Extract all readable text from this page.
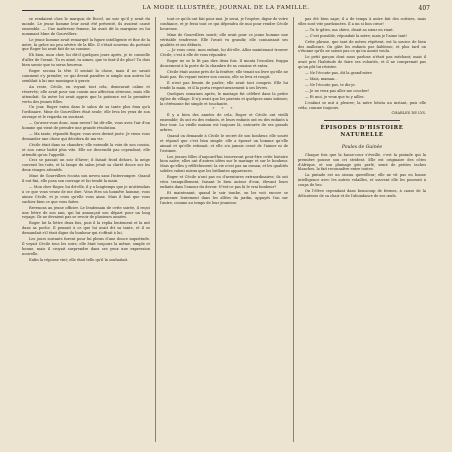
LA MODE ILLUSTRÉE, JOURNAL DE LA FAMILLE.	407

se rendaient chez le marquis de Rocel, un soir qu'il y avait du monde. Le jeune homme leur avait été présenté, ils avaient causé ensemble. — Une maîtresse femme, lui avait dit la marquise en lui nommant Mme de Gourvillers.

Le jeune homme avait remarqué la figure intelligente et fine de la mère, la grâce un peu sévère de la fille. Il s'était souvenu du portrait que Roger lui avait fait de sa cousine.

Eh bien, mon cher, lui dit-il quelques jours après, je te conseille d'aller de l'avant. Tu es aimé, tu aimes, que te faut-il de plus? Tu dois bien savoir que tu seras heureux.

Roger secoua la tête. Il sentait la chose, mais il ne savait comment s'y prendre; ce qui devait paraître si simple aux autres lui semblait à lui une montagne à gravir.

Au reste, Cécile, en voyant tout cela, demeurait calme et réservée; elle avait pour son cousin une affection sérieuse, mais elle attendait. Sa mère lui avait appris que la patience est la première vertu des jeunes filles.

Un jour, Roger entra dans le salon de sa tante plus ému qu'à l'ordinaire. Mme de Gourvillers était seule; elle leva les yeux de son ouvrage et le regarda en souriant.

— Qu'avez-vous donc, mon neveu? lui dit-elle, vous avez l'air d'un homme qui vient de prendre une grande résolution.

— Ma tante, répondit Roger, vous avez deviné juste. Je viens vous demander une chose qui décidera de ma vie.

Cécile était dans sa chambre; elle entendit la voix de son cousin, et son cœur battit plus vite. Elle ne descendit pas cependant, elle attendit qu'on l'appelât.

Ceci se passait un soir d'hiver; il faisait froid dehors, la neige couvrait les toits, et la lampe du salon jetait sa clarté douce sur les deux visages attentifs.

Mme de Gourvillers écouta son neveu sans l'interrompre. Quand il eut fini, elle posa son ouvrage et lui tendit la main.

— Mon cher Roger, lui dit-elle, il y a longtemps que je m'attendais à ce que vous venez de me dire. Vous êtes un honnête homme, vous aimez Cécile, et je crois qu'elle vous aime. Mais il faut que vous sachiez bien ce que vous faites.

Revenons au jeune officier. Le lendemain de cette soirée, il reçut une lettre de son ami, qui lui annonçait son départ pour un long voyage. Ils ne devaient pas se revoir de plusieurs années.

Roger lut la lettre deux fois, puis il la replia lentement et la mit dans sa poche. Il pensait à ce que lui avait dit sa tante, et il se demandait s'il était digne du bonheur qui s'offrait à lui.

Les jours suivants furent pour lui pleins d'une douce inquiétude. Il voyait Cécile tous les soirs; elle était toujours la même, simple et bonne, mais il croyait surprendre dans ses yeux une expression nouvelle.

Enfin la réponse vint; elle était telle qu'il la souhaitait.

tout ce qu'ils ont fait pour moi. Je serai, je l'espère, digne de votre confiance, et je ferai tout ce qui dépendra de moi pour rendre Cécile heureuse.

Mme de Gourvillers sourit; elle avait pour ce jeune homme une véritable tendresse. Elle l'avait vu grandir, elle connaissait ses qualités et ses défauts.

— Je vous crois, mon enfant, lui dit-elle. Allez maintenant trouver Cécile; c'est à elle de vous répondre.

Roger ne se le fit pas dire deux fois. Il monta l'escalier, frappa doucement à la porte de la chambre de sa cousine et entra.

Cécile était assise près de la fenêtre; elle tenait un livre qu'elle ne lisait pas. En voyant entrer son cousin, elle se leva et rougit.

Il n'eut pas besoin de parler; elle avait tout compris. Elle lui tendit la main, et il la porta respectueusement à ses lèvres.

Quelques semaines après, le mariage fut célébré dans la petite église du village. Il n'y avait que les parents et quelques amis intimes; la cérémonie fut simple et touchante.

* * *

Il y a bien des années de cela. Roger et Cécile ont vieilli ensemble; ils ont eu des enfants, et leurs enfants ont eu des enfants à leur tour. La vieille maison est toujours là, entourée de ses grands arbres.

Quand on demande à Cécile le secret de son bonheur, elle sourit et répond que c'est bien simple: elle a épousé un homme qu'elle aimait et qu'elle estimait, et elle n'a jamais cessé de l'aimer ni de l'estimer.

Les jeunes filles d'aujourd'hui trouveront peut-être cette histoire bien naïve; elles ont d'autres idées sur le mariage et sur le bonheur. Mais qu'elles y réfléchissent: la vie n'est pas un roman, et les qualités solides valent mieux que les brillantes apparences.

Roger et Cécile n'ont pas eu d'aventures extraordinaires; ils ont vécu tranquillement, faisant le bien autour d'eux, élevant leurs enfants dans l'amour du devoir. N'est-ce pas là le vrai bonheur?

Et maintenant, quand le soir tombe, on les voit encore se promener lentement dans les allées du jardin, appuyés l'un sur l'autre, comme au temps de leur jeunesse.

pas été bien sage; il a de temps à autre fait des sottises, mais elles sont vite pardonnées. Il a un si bon cœur!

— Tu le gâtes, ma chère, disait sa sœur en riant.

— C'est possible, répondait la mère; mais je l'aime tant!

Cette phrase, que tant de mères répètent, est la source de bien des malheurs. On gâte les enfants par faiblesse, et plus tard on s'étonne qu'ils ne soient pas ce qu'on aurait voulu.

Le petit garçon dont nous parlons n'était pas méchant; mais il avait pris l'habitude de faire ses volontés, et il ne comprenait pas qu'on pût lui résister.

— Ne l'écoute pas, dit la grand'mère.

— Mais, maman...

— Ne l'écoute pas, te dis-je.

— Je ne veux pas aller me coucher!

— Et moi, je veux que tu y ailles.

L'enfant se mit à pleurer; la mère hésita un instant, puis elle céda, comme toujours.

CHARLES DE LYS.

ÉPISODES D'HISTOIRE NATURELLE

Poules de Guinée

Chaque fois que la basse-cour s'éveille, c'est la pintade qui la première pousse son cri strident. Elle est originaire des côtes d'Afrique, et son plumage gris perlé, semé de petites taches blanches, la fait reconnaître entre toutes.

La pintade est un oiseau querelleur; elle ne vit pas en bonne intelligence avec les autres volailles, et souvent elle les poursuit à coups de bec.

On l'élève cependant dans beaucoup de fermes, à cause de la délicatesse de sa chair et de l'abondance de ses œufs.
